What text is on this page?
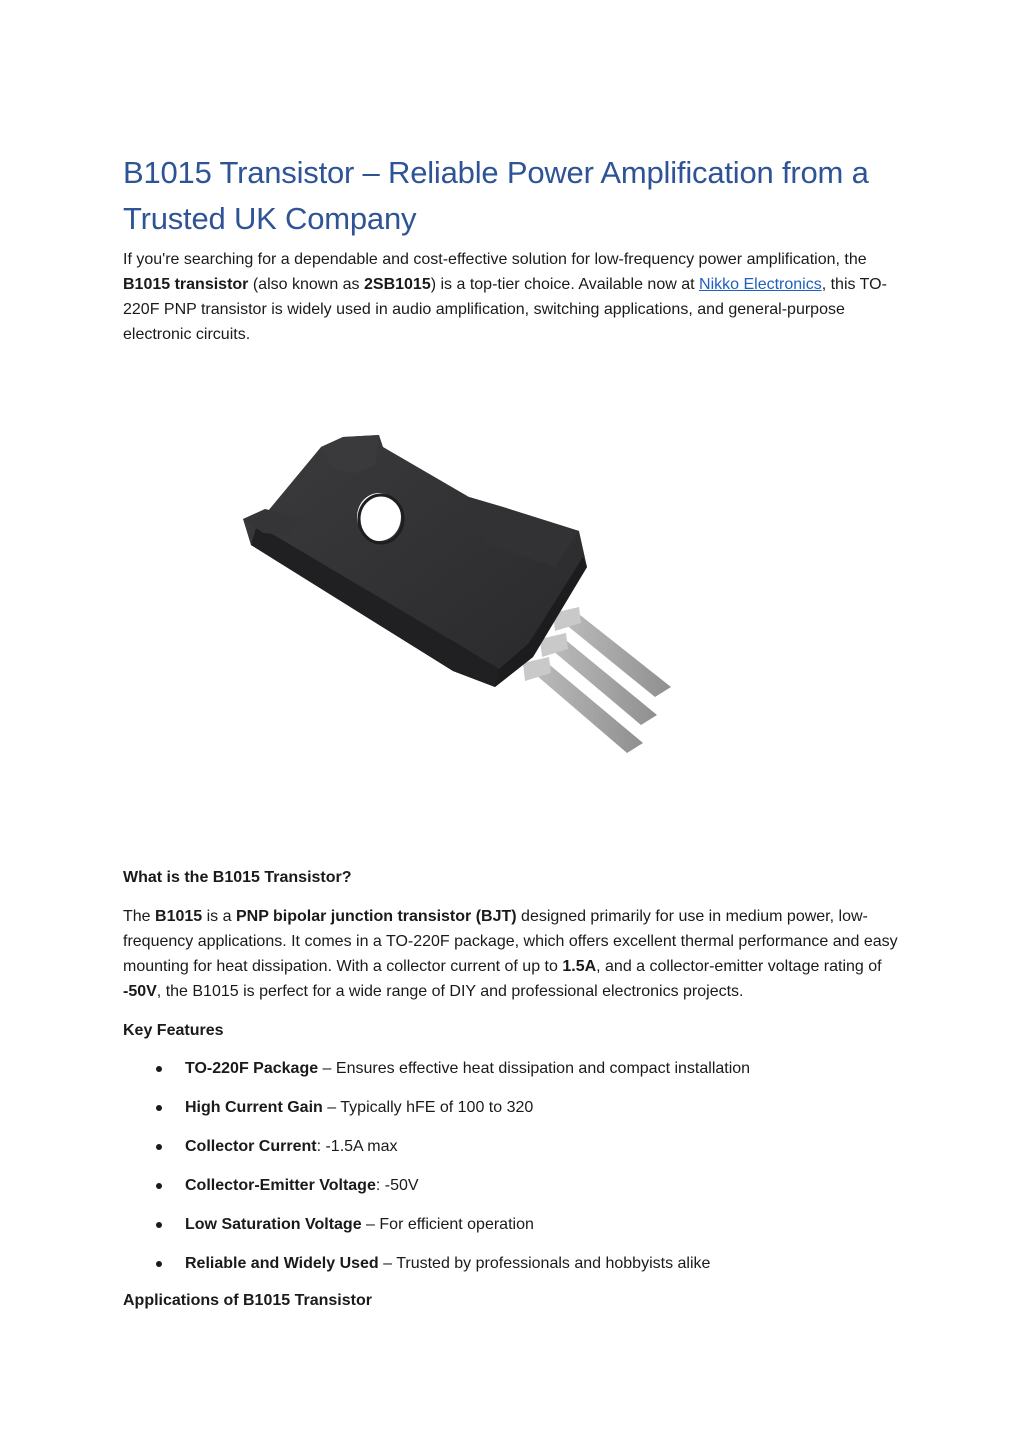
B1015 Transistor – Reliable Power Amplification from a Trusted UK Company

If you're searching for a dependable and cost-effective solution for low-frequency power amplification, the B1015 transistor (also known as 2SB1015) is a top-tier choice. Available now at Nikko Electronics, this TO-220F PNP transistor is widely used in audio amplification, switching applications, and general-purpose electronic circuits.

What is the B1015 Transistor?

The B1015 is a PNP bipolar junction transistor (BJT) designed primarily for use in medium power, low-frequency applications. It comes in a TO-220F package, which offers excellent thermal performance and easy mounting for heat dissipation. With a collector current of up to 1.5A, and a collector-emitter voltage rating of -50V, the B1015 is perfect for a wide range of DIY and professional electronics projects.

Key Features

TO-220F Package – Ensures effective heat dissipation and compact installation
High Current Gain – Typically hFE of 100 to 320
Collector Current: -1.5A max
Collector-Emitter Voltage: -50V
Low Saturation Voltage – For efficient operation
Reliable and Widely Used – Trusted by professionals and hobbyists alike

Applications of B1015 Transistor
